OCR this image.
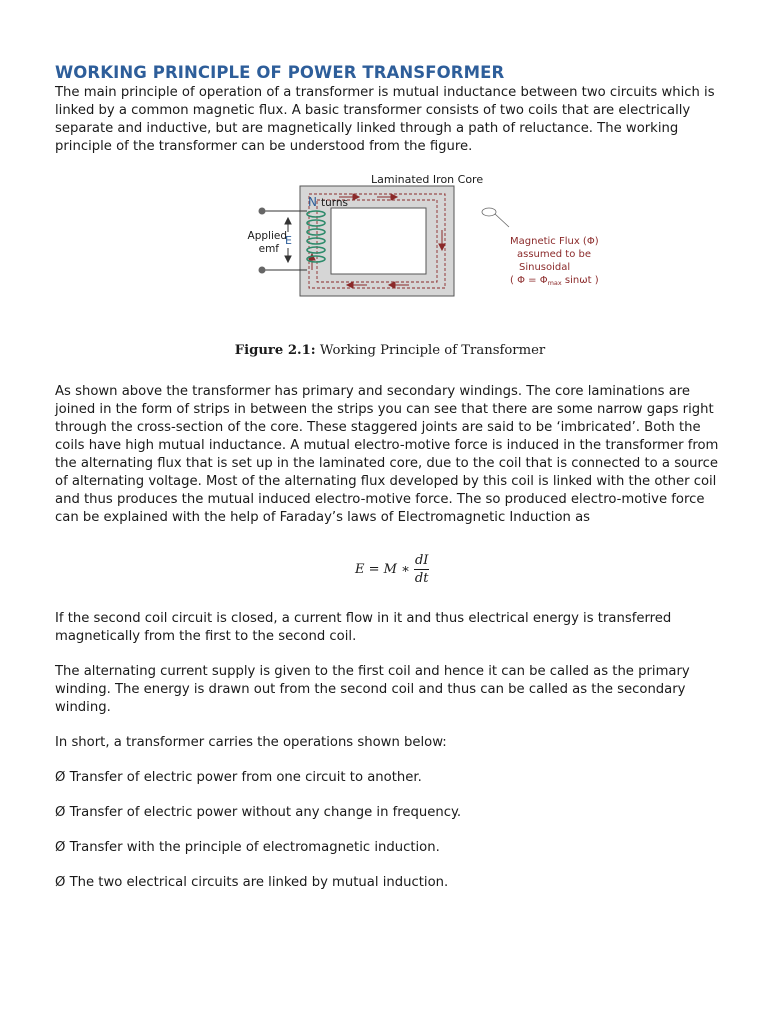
WORKING PRINCIPLE OF POWER TRANSFORMER

The main principle of operation of a transformer is mutual inductance between two circuits which is linked by a common magnetic flux. A basic transformer consists of two coils that are electrically separate and inductive, but are magnetically linked through a path of reluctance. The working principle of the transformer can be understood from the figure.

Laminated Iron Core
N turns
E
Applied
emf
Magnetic Flux (Φ)
assumed to be
Sinusoidal
( $\Phi = \Phi_{max}$ sinωt )
Figure 2.1: Working Principle of Transformer

As shown above the transformer has primary and secondary windings. The core laminations are joined in the form of strips in between the strips you can see that there are some narrow gaps right through the cross-section of the core. These staggered joints are said to be ‘imbricated’. Both the coils have high mutual inductance. A mutual electro-motive force is induced in the transformer from the alternating flux that is set up in the laminated core, due to the coil that is connected to a source of alternating voltage. Most of the alternating flux developed by this coil is linked with the other coil and thus produces the mutual induced electro-motive force. The so produced electro-motive force can be explained with the help of Faraday’s laws of Electromagnetic Induction as

E = M ∗ $\frac{dI}{dt}$

If the second coil circuit is closed, a current flow in it and thus electrical energy is transferred magnetically from the first to the second coil.

The alternating current supply is given to the first coil and hence it can be called as the primary winding. The energy is drawn out from the second coil and thus can be called as the secondary winding.

In short, a transformer carries the operations shown below:

Ø Transfer of electric power from one circuit to another.

Ø Transfer of electric power without any change in frequency.

Ø Transfer with the principle of electromagnetic induction.

Ø The two electrical circuits are linked by mutual induction.
